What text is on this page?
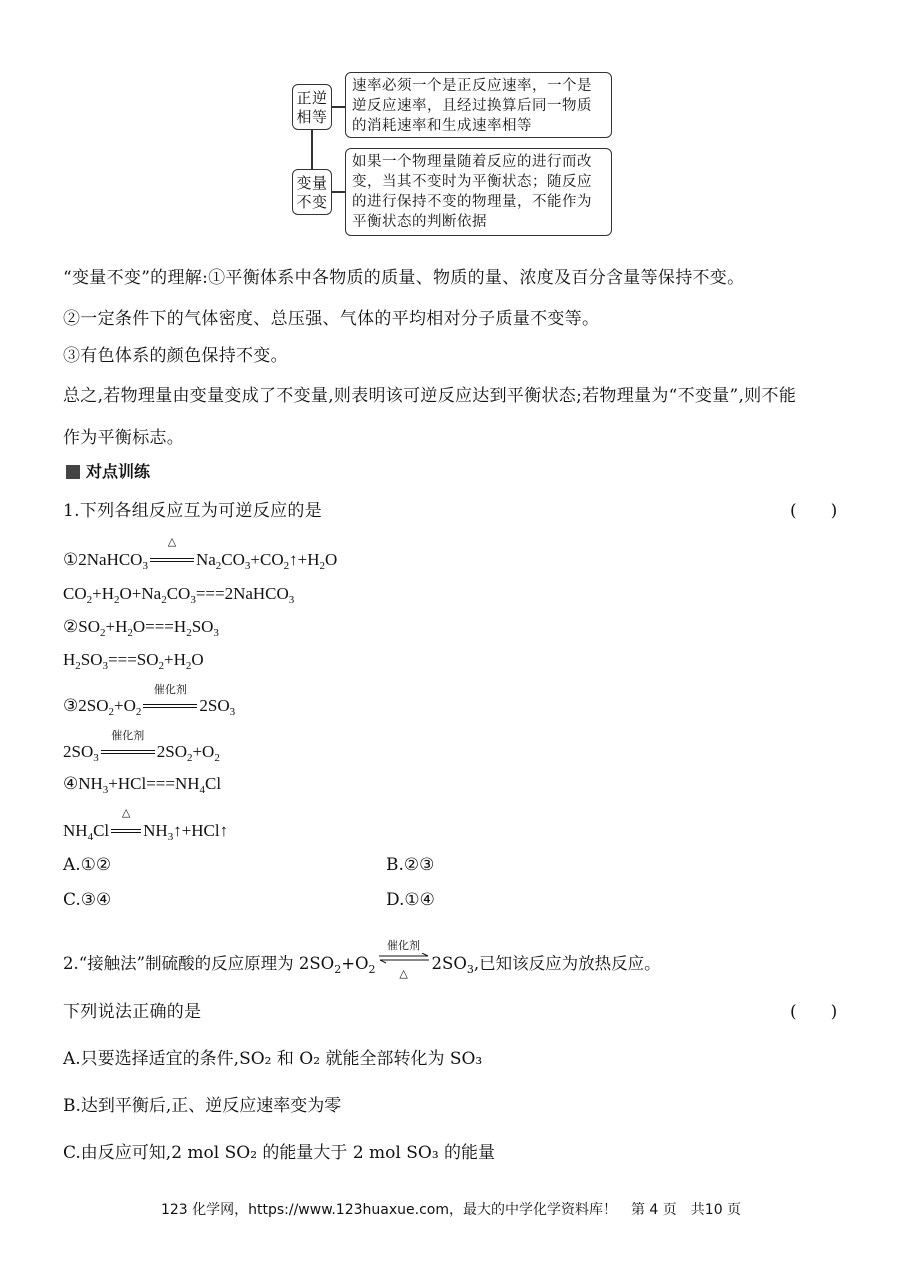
正逆相等
速率必须一个是正反应速率，一个是逆反应速率，且经过换算后同一物质的消耗速率和生成速率相等
变量不变
如果一个物理量随着反应的进行而改变，当其不变时为平衡状态；随反应的进行保持不变的物理量，不能作为平衡状态的判断依据
“变量不变”的理解:①平衡体系中各物质的质量、物质的量、浓度及百分含量等保持不变。
②一定条件下的气体密度、总压强、气体的平均相对分子质量不变等。
③有色体系的颜色保持不变。
总之,若物理量由变量变成了不变量,则表明该可逆反应达到平衡状态;若物理量为“不变量”,则不能
作为平衡标志。
对点训练
1.下列各组反应互为可逆反应的是	(　　)
①2NaHCO$_3$
△
$Na_2CO_3+CO_2↑+H_2O$
$CO_2+H_2O+Na_2CO_3===2NaHCO_3$
$②SO_2+H_2O===H_2SO_3$
$H_2SO_3===SO_2+H_2O$
$③2SO_2+O_2$
催化剂
$2SO_3$
$2SO_3$
催化剂
$2SO_2+O_2$
$④NH_3+HCl===NH_4Cl$
$NH_4Cl$
△
$NH_3↑+HCl↑$
A.①②	B.②③
C.③④	D.①④
2.“接触法”制硫酸的反应原理为 $2SO_2+O_2$
催化剂
△
$2SO_3$,已知该反应为放热反应。
下列说法正确的是	(　　)
A.只要选择适宜的条件,SO₂ 和 O₂ 就能全部转化为 SO₃
B.达到平衡后,正、逆反应速率变为零
C.由反应可知,2 mol SO₂ 的能量大于 2 mol SO₃ 的能量
123 化学网，https://www.123huaxue.com，最大的中学化学资料库！　第 4 页　共10 页
